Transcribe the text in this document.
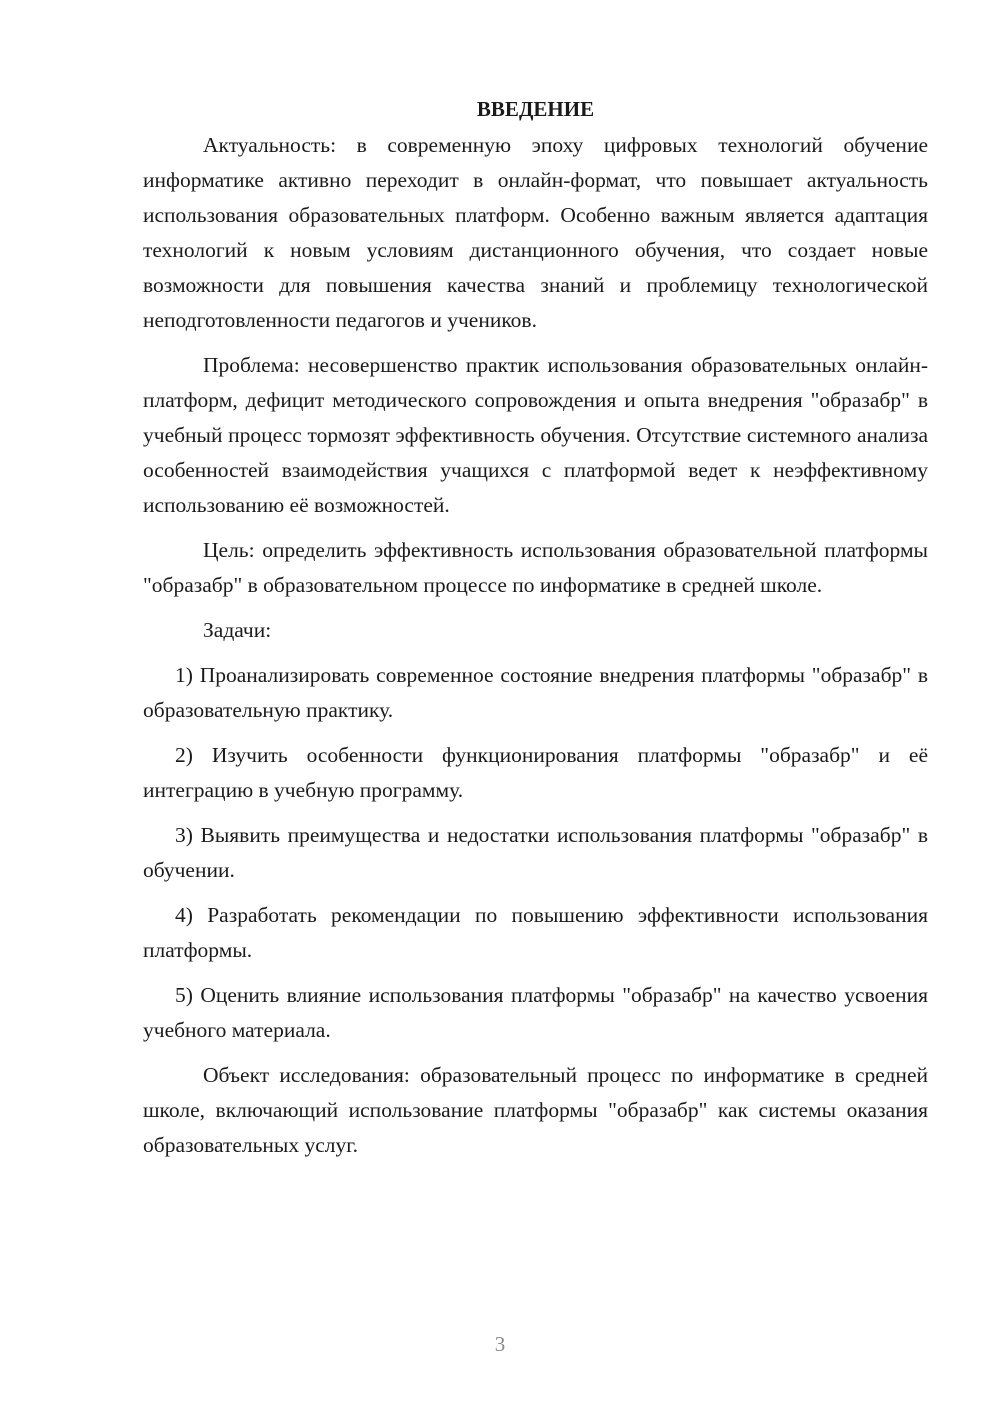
ВВЕДЕНИЕ

Актуальность: в современную эпоху цифровых технологий обучение информатике активно переходит в онлайн-формат, что повышает актуальность использования образовательных платформ. Особенно важным является адаптация технологий к новым условиям дистанционного обучения, что создает новые возможности для повышения качества знаний и проблемицу технологической неподготовленности педагогов и учеников.

Проблема: несовершенство практик использования образовательных онлайн-платформ, дефицит методического сопровождения и опыта внедрения "образабр" в учебный процесс тормозят эффективность обучения. Отсутствие системного анализа особенностей взаимодействия учащихся с платформой ведет к неэффективному использованию её возможностей.

Цель: определить эффективность использования образовательной платформы "образабр" в образовательном процессе по информатике в средней школе.

Задачи:

1) Проанализировать современное состояние внедрения платформы "образабр" в образовательную практику.

2) Изучить особенности функционирования платформы "образабр" и её интеграцию в учебную программу.

3) Выявить преимущества и недостатки использования платформы "образабр" в обучении.

4) Разработать рекомендации по повышению эффективности использования платформы.

5) Оценить влияние использования платформы "образабр" на качество усвоения учебного материала.

Объект исследования: образовательный процесс по информатике в средней школе, включающий использование платформы "образабр" как системы оказания образовательных услуг.

3
